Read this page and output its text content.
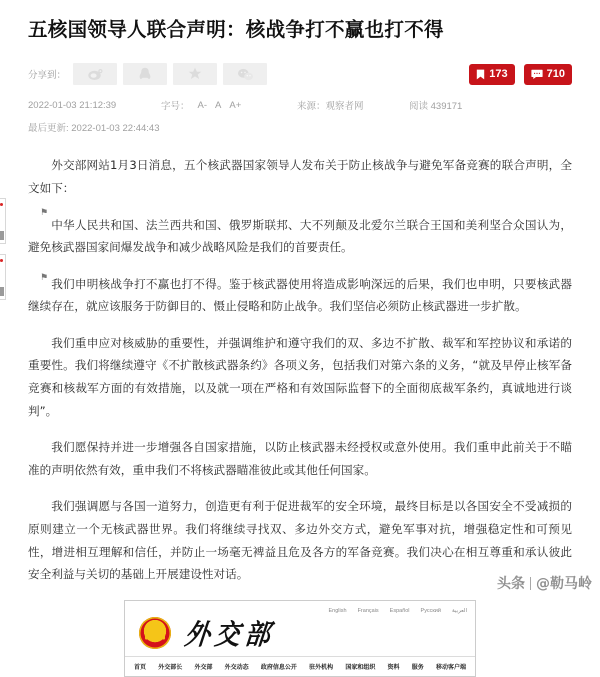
⚑
⚑
五核国领导人联合声明：核战争打不赢也打不得
分享到：	173	710
2022-01-03 21:12:39	字号： A- A A+	来源：观察者网	阅读 439171
最后更新: 2022-01-03 22:44:43

外交部网站1月3日消息，五个核武器国家领导人发布关于防止核战争与避免军备竞赛的联合声明，全文如下：

中华人民共和国、法兰西共和国、俄罗斯联邦、大不列颠及北爱尔兰联合王国和美利坚合众国认为，避免核武器国家间爆发战争和减少战略风险是我们的首要责任。

我们申明核战争打不赢也打不得。鉴于核武器使用将造成影响深远的后果，我们也申明，只要核武器继续存在，就应该服务于防御目的、慑止侵略和防止战争。我们坚信必须防止核武器进一步扩散。

我们重申应对核威胁的重要性，并强调维护和遵守我们的双、多边不扩散、裁军和军控协议和承诺的重要性。我们将继续遵守《不扩散核武器条约》各项义务，包括我们对第六条的义务，“就及早停止核军备竞赛和核裁军方面的有效措施，以及就一项在严格和有效国际监督下的全面彻底裁军条约，真诚地进行谈判”。

我们愿保持并进一步增强各自国家措施，以防止核武器未经授权或意外使用。我们重申此前关于不瞄准的声明依然有效，重申我们不将核武器瞄准彼此或其他任何国家。

我们强调愿与各国一道努力，创造更有利于促进裁军的安全环境，最终目标是以各国安全不受减损的原则建立一个无核武器世界。我们将继续寻找双、多边外交方式，避免军事对抗，增强稳定性和可预见性，增进相互理解和信任，并防止一场毫无裨益且危及各方的军备竞赛。我们决心在相互尊重和承认彼此安全利益与关切的基础上开展建设性对话。

English Français Español Русский العربية
外交部
首页 外交部长 外交部 外交动态 政府信息公开 驻外机构 国家和组织 资料 服务 移动客户端
头条 @勒马岭
